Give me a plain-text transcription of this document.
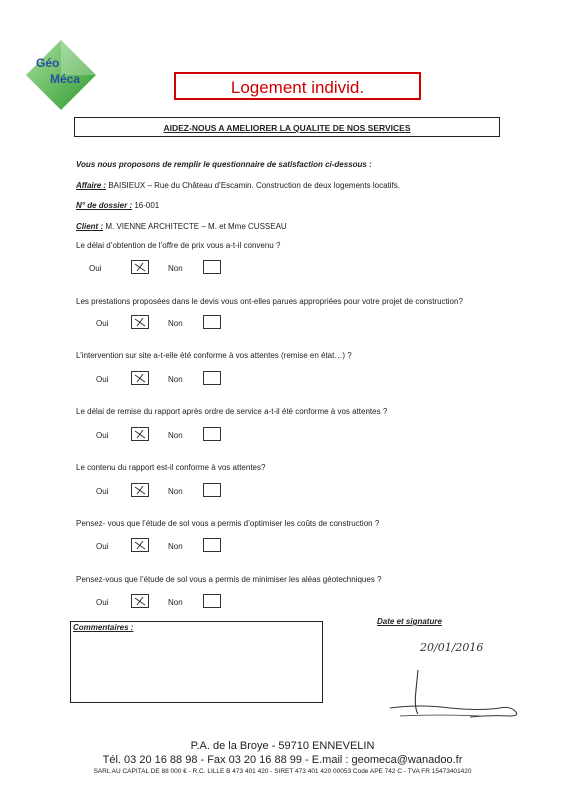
Géo
Méca	Logement individ.
AIDEZ-NOUS A AMELIORER LA QUALITE DE NOS SERVICES
Vous nous proposons de remplir le questionnaire de satisfaction ci-dessous :
Affaire : BAISIEUX – Rue du Château d’Escamin. Construction de deux logements locatifs.
N° de dossier : 16-001
Client : M. VIENNE ARCHITECTE – M. et Mme CUSSEAU
Le délai d’obtention de l’offre de prix vous a-t-il convenu ?
Oui	Non
Les prestations proposées dans le devis vous ont-elles parues appropriées pour votre projet de construction?
Oui	Non
L’intervention sur site a-t-elle été conforme à vos attentes (remise en état…) ?
Oui	Non
Le délai de remise du rapport après ordre de service a-t-il été conforme à vos attentes ?
Oui	Non
Le contenu du rapport est-il conforme à vos attentes?
Oui	Non
Pensez- vous que l’étude de sol vous a permis d’optimiser les coûts de construction ?
Oui	Non
Pensez-vous que l’étude de sol vous a permis de minimiser les aléas géotechniques ?
Oui	Non
Commentaires :
Date et signature
20/01/2016
P.A. de la Broye - 59710 ENNEVELIN
Tél. 03 20 16 88 98 - Fax 03 20 16 88 99 - E.mail : geomeca@wanadoo.fr
SARL AU CAPITAL DE 88 000 € - R.C. LILLE B 473 401 420 - SIRET 473 401 420 00053 Code APE 742 C - TVA FR 15473401420
